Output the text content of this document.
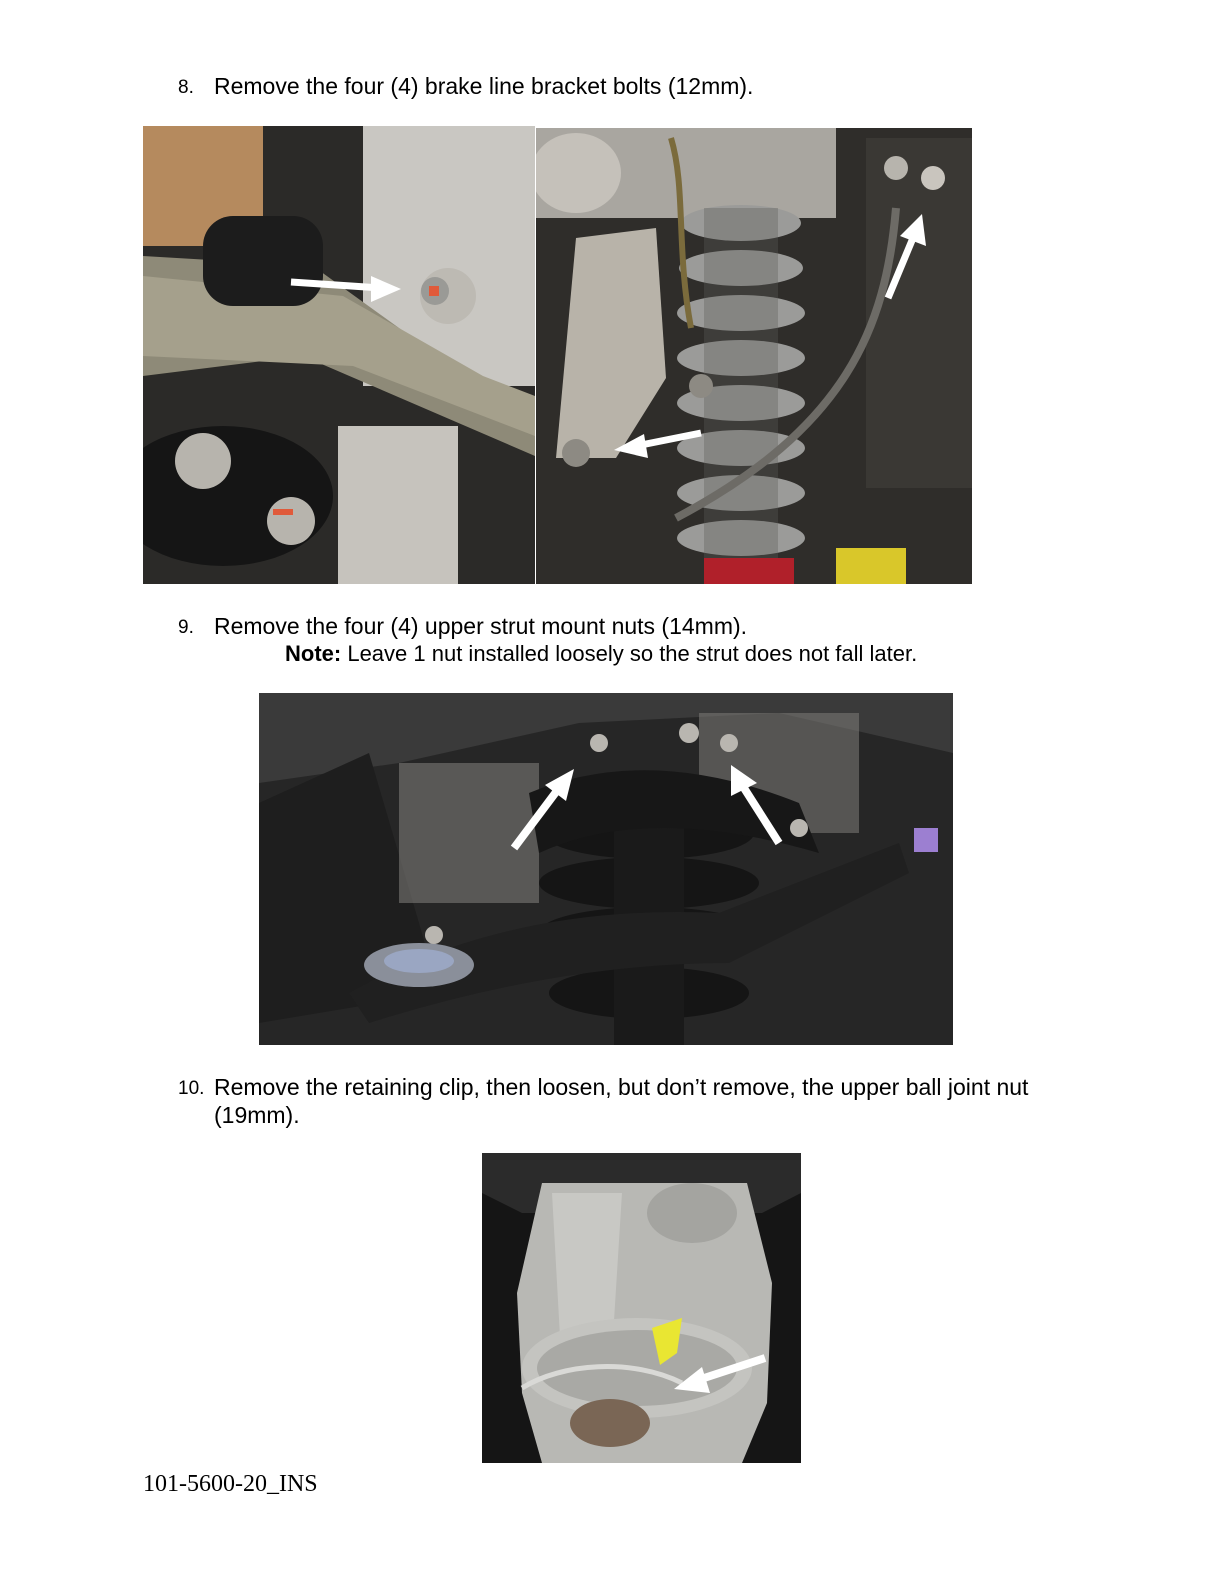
8. Remove the four (4) brake line bracket bolts (12mm).
9. Remove the four (4) upper strut mount nuts (14mm).
Note: Leave 1 nut installed loosely so the strut does not fall later.
10. Remove the retaining clip, then loosen, but don’t remove, the upper ball joint nut (19mm).
101-5600-20_INS
